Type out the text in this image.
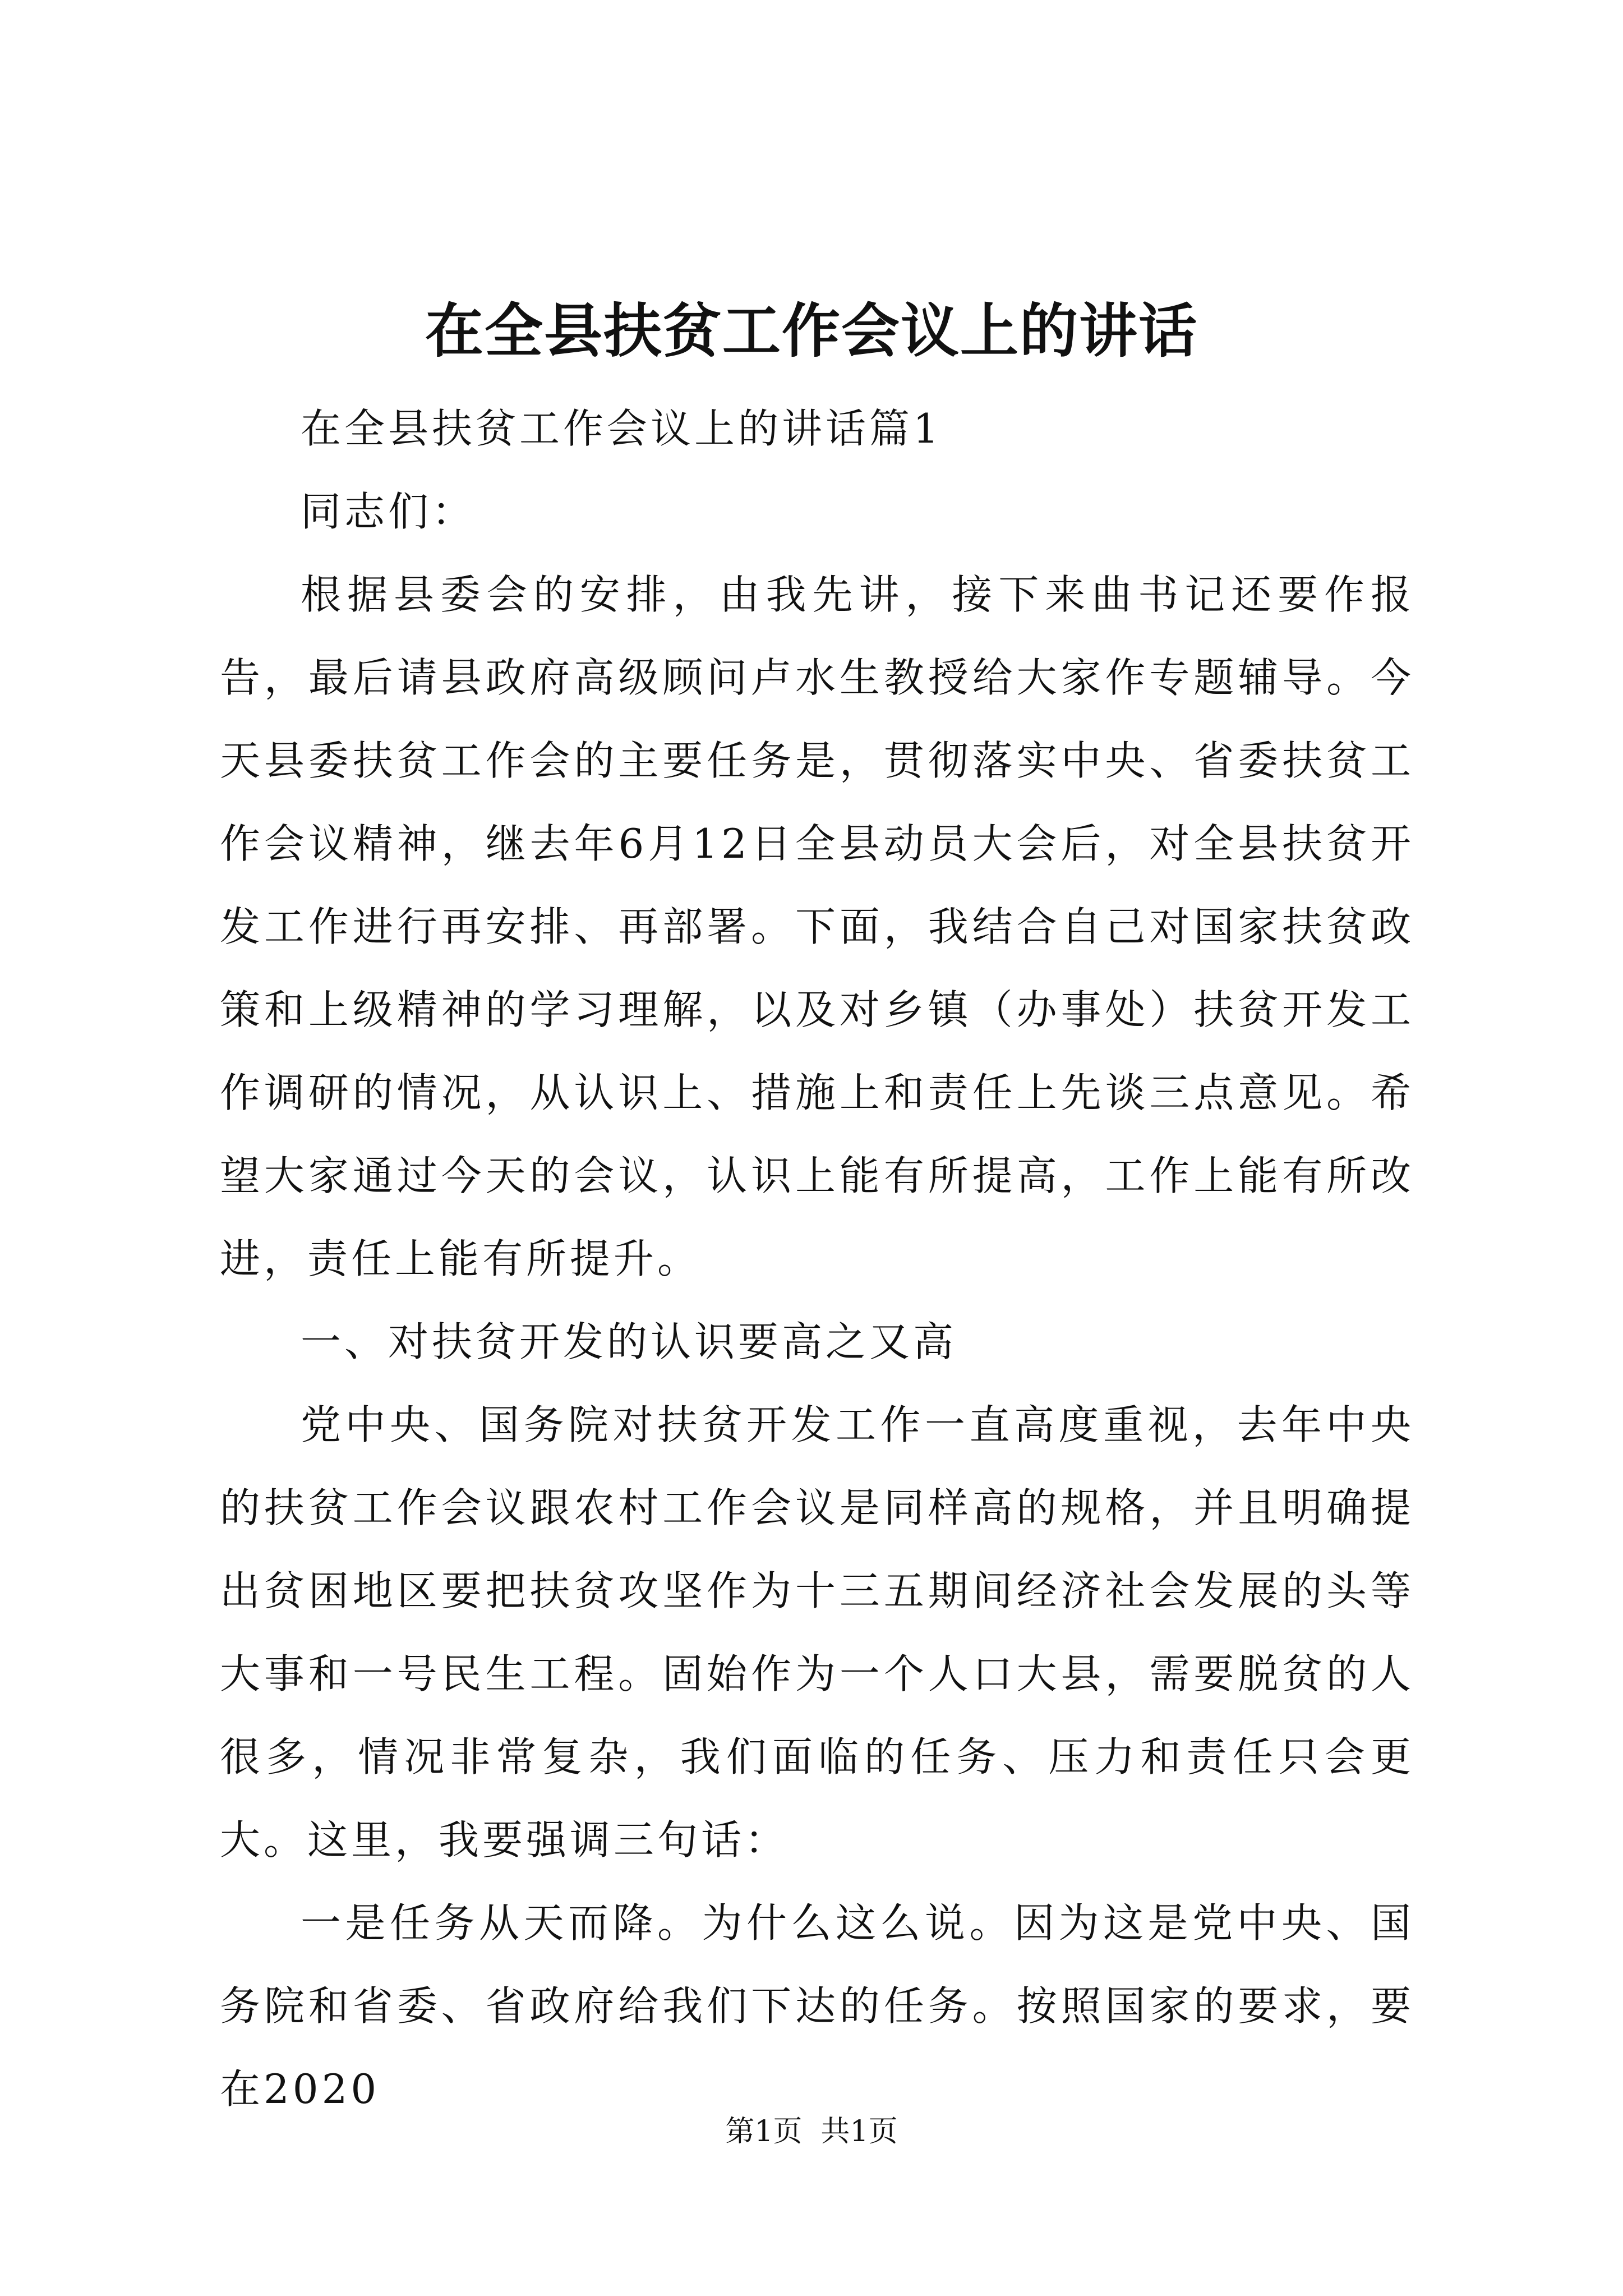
在全县扶贫工作会议上的讲话

在全县扶贫工作会议上的讲话篇1

同志们：

根据县委会的安排，由我先讲，接下来曲书记还要作报告，最后请县政府高级顾问卢水生教授给大家作专题辅导。今天县委扶贫工作会的主要任务是，贯彻落实中央、省委扶贫工作会议精神，继去年6月12日全县动员大会后，对全县扶贫开发工作进行再安排、再部署。下面，我结合自己对国家扶贫政策和上级精神的学习理解，以及对乡镇（办事处）扶贫开发工作调研的情况，从认识上、措施上和责任上先谈三点意见。希望大家通过今天的会议，认识上能有所提高，工作上能有所改进，责任上能有所提升。

一、对扶贫开发的认识要高之又高

党中央、国务院对扶贫开发工作一直高度重视，去年中央的扶贫工作会议跟农村工作会议是同样高的规格，并且明确提出贫困地区要把扶贫攻坚作为十三五期间经济社会发展的头等大事和一号民生工程。固始作为一个人口大县，需要脱贫的人很多，情况非常复杂，我们面临的任务、压力和责任只会更大。这里，我要强调三句话：

一是任务从天而降。为什么这么说。因为这是党中央、国务院和省委、省政府给我们下达的任务。按照国家的要求，要在2020

第1页  共1页
